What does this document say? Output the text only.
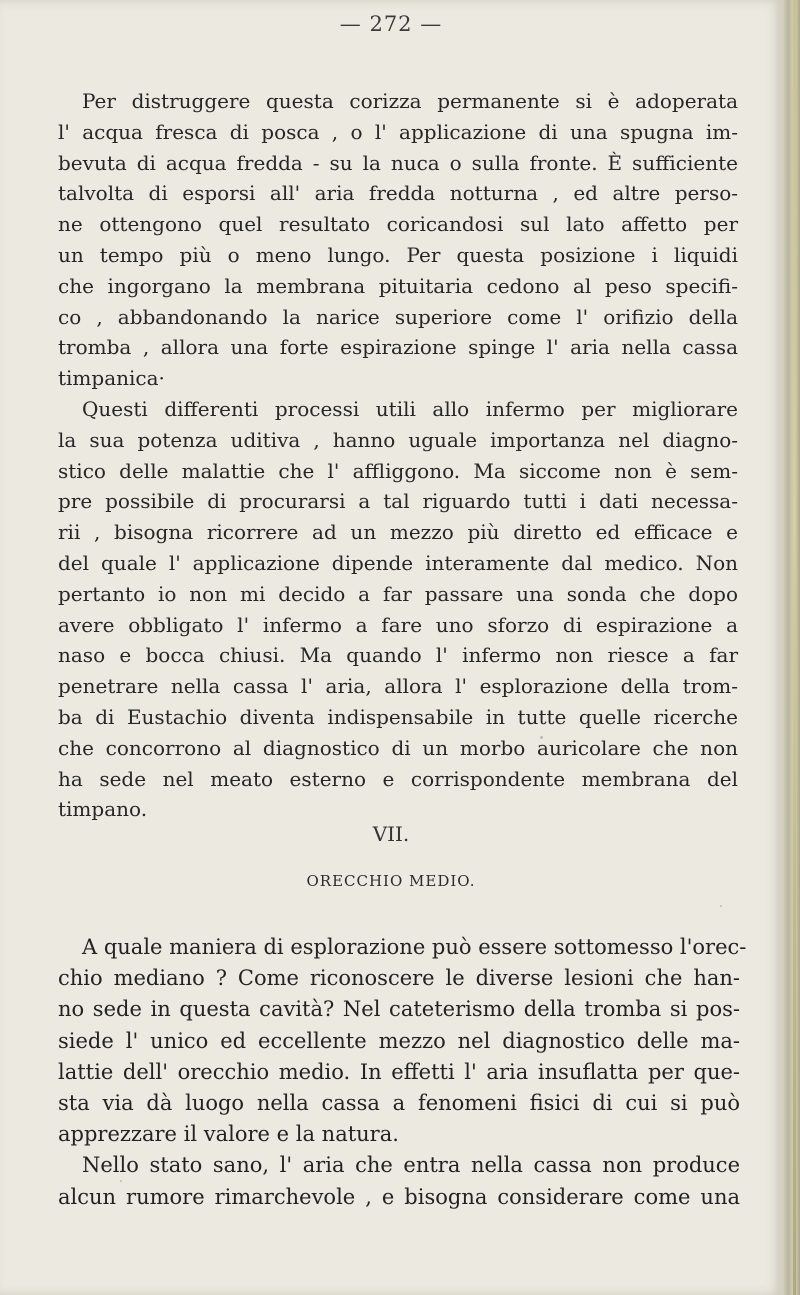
— 272 —
Per distruggere questa corizza permanente si è adoperata
l' acqua fresca di posca , o l' applicazione di una spugna im-
bevuta di acqua fredda - su la nuca o sulla fronte. È sufficiente
talvolta di esporsi all' aria fredda notturna , ed altre perso-
ne ottengono quel resultato coricandosi sul lato affetto per
un tempo più o meno lungo. Per questa posizione i liquidi
che ingorgano la membrana pituitaria cedono al peso specifi-
co , abbandonando la narice superiore come l' orifizio della
tromba , allora una forte espirazione spinge l' aria nella cassa
timpanica·
Questi differenti processi utili allo infermo per migliorare
la sua potenza uditiva , hanno uguale importanza nel diagno-
stico delle malattie che l' affliggono. Ma siccome non è sem-
pre possibile di procurarsi a tal riguardo tutti i dati necessa-
rii , bisogna ricorrere ad un mezzo più diretto ed efficace e
del quale l' applicazione dipende interamente dal medico. Non
pertanto io non mi decido a far passare una sonda che dopo
avere obbligato l' infermo a fare uno sforzo di espirazione a
naso e bocca chiusi. Ma quando l' infermo non riesce a far
penetrare nella cassa l' aria, allora l' esplorazione della trom-
ba di Eustachio diventa indispensabile in tutte quelle ricerche
che concorrono al diagnostico di un morbo auricolare che non
ha sede nel meato esterno e corrispondente membrana del
timpano.
VII.
ORECCHIO MEDIO.
A quale maniera di esplorazione può essere sottomesso l'orec-
chio mediano ? Come riconoscere le diverse lesioni che han-
no sede in questa cavità? Nel cateterismo della tromba si pos-
siede l' unico ed eccellente mezzo nel diagnostico delle ma-
lattie dell' orecchio medio. In effetti l' aria insuflatta per que-
sta via dà luogo nella cassa a fenomeni fisici di cui si può
apprezzare il valore e la natura.
Nello stato sano, l' aria che entra nella cassa non produce
alcun rumore rimarchevole , e bisogna considerare come una
